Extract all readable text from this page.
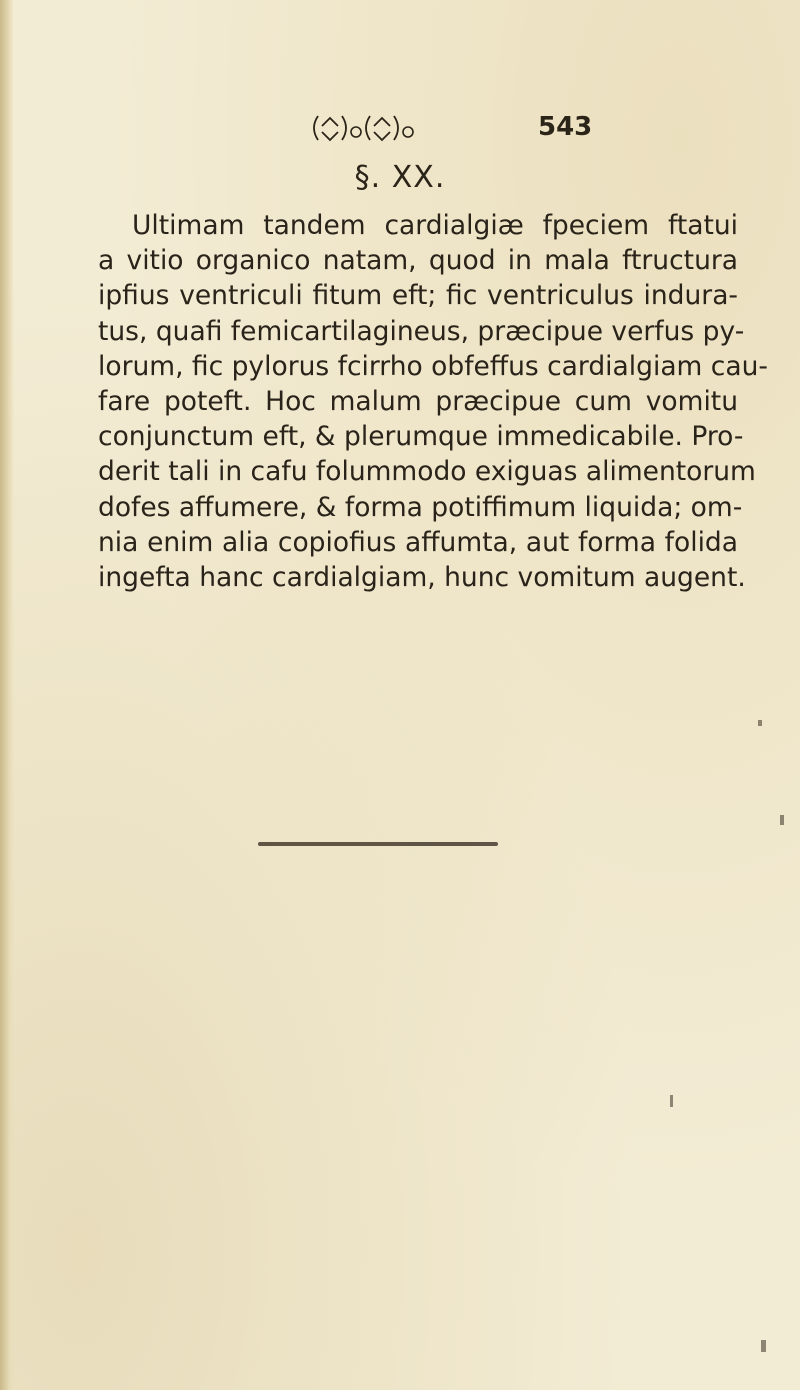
543
§. XX.
Ultimam tandem cardialgiæ fpeciem ftatui
a vitio organico natam, quod in mala ftructura
ipfius ventriculi fitum eft; fic ventriculus indura-
tus, quafi femicartilagineus, præcipue verfus py-
lorum, fic pylorus fcirrho obfeffus cardialgiam cau-
fare poteft. Hoc malum præcipue cum vomitu
conjunctum eft, & plerumque immedicabile. Pro-
derit tali in cafu folummodo exiguas alimentorum
dofes affumere, & forma potiffimum liquida; om-
nia enim alia copiofius affumta, aut forma folida
ingefta hanc cardialgiam, hunc vomitum augent.
